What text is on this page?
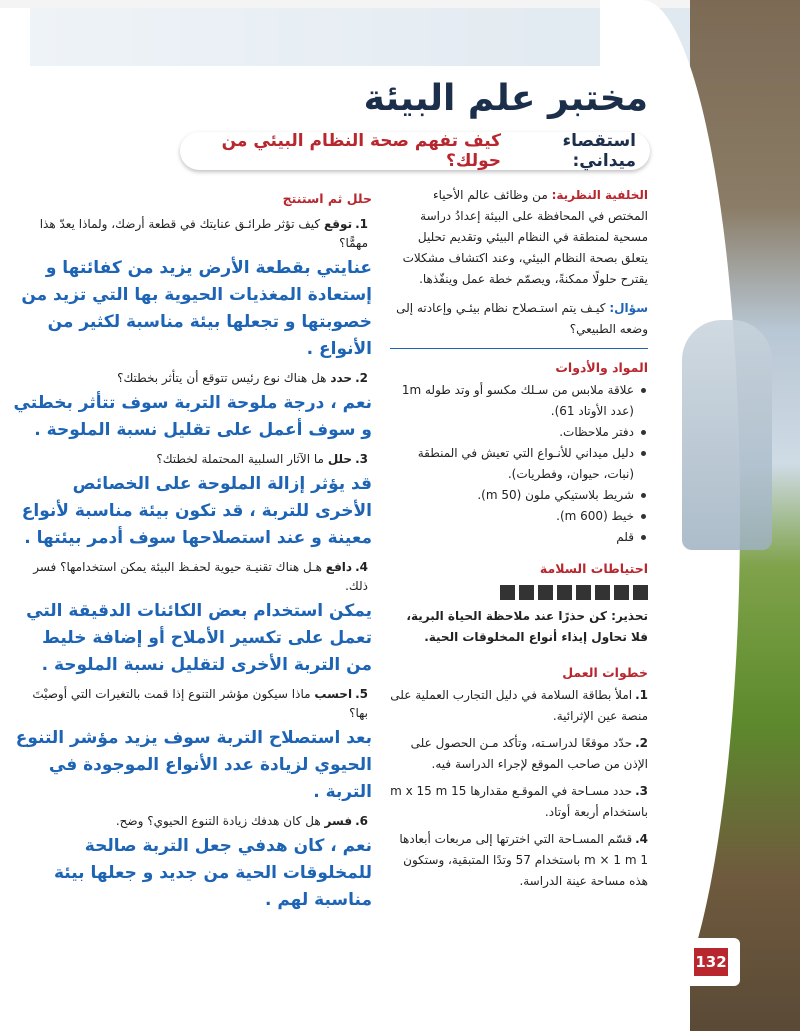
مختبر علم البيئة
استقصاء ميداني:
كيف تفهم صحة النظام البيئي من حولك؟
الخلفية النظرية: من وظائف عالم الأحياء المختص في المحافظة على البيئة إعدادُ دراسة مسحية لمنطقة في النظام البيئي وتقديم تحليل يتعلق بصحة النظام البيئي، وعند اكتشاف مشكلات يقترح حلولًا ممكنةً، ويصمّم خطة عمل وينفّذها.
سؤال: كيـف يتم استـصلاح نظام بيئـي وإعادته إلى وضعه الطبيعي؟
المواد والأدوات
علاقة ملابس من سـلك مكسو أو وتد طوله 1m (عدد الأوتاد 61).
دفتر ملاحظات.
دليل ميداني للأنـواع التي تعيش في المنطقة (نبات، حيوان، وفطريات).
شريط بلاستيكي ملون (50 m).
خيط (600 m).
قلم
احتياطات السلامة
تحذير: كن حذرًا عند ملاحظة الحياة البرية، فلا تحاول إيذاء أنواع المخلوقات الحية.
خطوات العمل
1.املأ بطاقة السلامة في دليل التجارب العملية على منصة عين الإثرائية.
2.حدّد موقعًا لدراسـته، وتأكد مـن الحصول على الإذن من صاحب الموقع لإجراء الدراسة فيه.
3.حدد مسـاحة في الموقـع مقدارها 15 m x 15 m باستخدام أربعة أوتاد.
4.قسّم المسـاحة التي اخترتها إلى مربعات أبعادها 1 m × 1 m باستخدام 57 وتدًا المتبقية، وستكون هذه مساحة عينة الدراسة.
حلل ثم استنتج
1.توقع كيف تؤثر طرائـق عنايتك في قطعة أرضك، ولماذا يعدّ هذا مهمًّا؟
عنايتي بقطعة الأرض يزيد من كفائتها و إستعادة المغذيات الحيوية بها التي تزيد من خصوبتها و تجعلها بيئة مناسبة لكثير من الأنواع .
2.حدد هل هناك نوع رئيس تتوقع أن يتأثر بخطتك؟
نعم ، درجة ملوحة التربة سوف تتأثر بخطتي و سوف أعمل على تقليل نسبة الملوحة .
3.حلل ما الآثار السلبية المحتملة لخطتك؟
قد يؤثر إزالة الملوحة على الخصائص الأخرى للتربة ، قد تكون بيئة مناسبة لأنواع معينة و عند استصلاحها سوف أدمر بيئتها .
4.دافع هـل هناك تقنيـة حيوية لحفـظ البيئة يمكن استخدامها؟ فسر ذلك.
يمكن استخدام بعض الكائنات الدقيقة التي تعمل على تكسير الأملاح أو إضافة خليط من التربة الأخرى لتقليل نسبة الملوحة .
5.احسب ماذا سيكون مؤشر التنوع إذا قمت بالتغيرات التي أوصيْتَ بها؟
بعد استصلاح التربة سوف يزيد مؤشر التنوع الحيوي لزيادة عدد الأنواع الموجودة في التربة .
6.فسر هل كان هدفك زيادة التنوع الحيوي؟ وضح.
نعم ، كان هدفي جعل التربة صالحة للمخلوقات الحية من جديد و جعلها بيئة مناسبة لهم .
132
